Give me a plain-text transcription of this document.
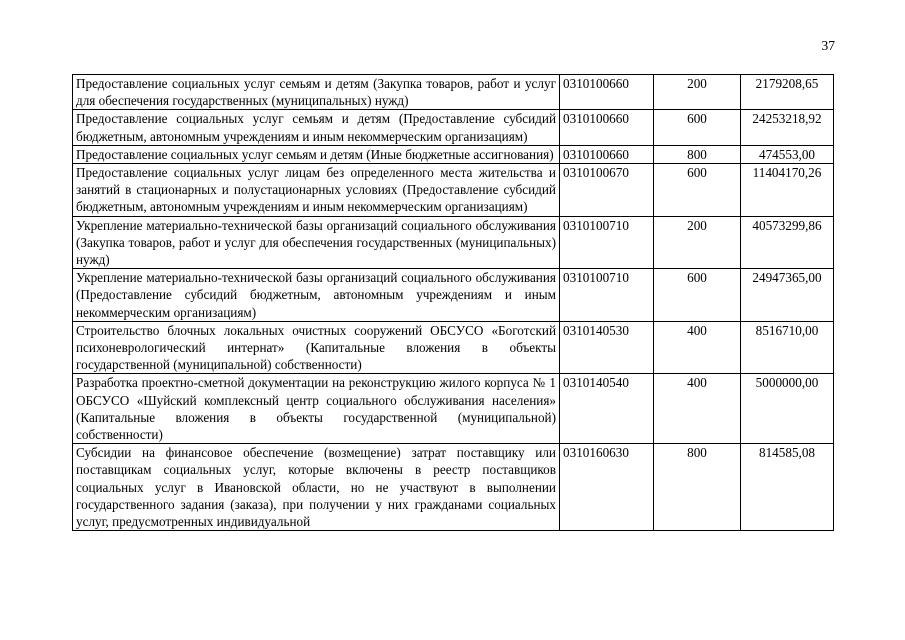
37
Предоставление социальных услуг семьям и детям (Закупка товаров, работ и услуг для обеспечения государственных (муниципальных) нужд)	0310100660	200	2179208,65
Предоставление социальных услуг семьям и детям (Предоставление субсидий бюджетным, автономным учреждениям и иным некоммерческим организациям)	0310100660	600	24253218,92
Предоставление социальных услуг семьям и детям (Иные бюджетные ассигнования)	0310100660	800	474553,00
Предоставление социальных услуг лицам без определенного места жительства и занятий в стационарных и полустационарных условиях (Предоставление субсидий бюджетным, автономным учреждениям и иным некоммерческим организациям)	0310100670	600	11404170,26
Укрепление материально-технической базы организаций социального обслуживания (Закупка товаров, работ и услуг для обеспечения государственных (муниципальных) нужд)	0310100710	200	40573299,86
Укрепление материально-технической базы организаций социального обслуживания (Предоставление субсидий бюджетным, автономным учреждениям и иным некоммерческим организациям)	0310100710	600	24947365,00
Строительство блочных локальных очистных сооружений ОБСУСО «Боготский психоневрологический интернат» (Капитальные вложения в объекты государственной (муниципальной) собственности)	0310140530	400	8516710,00
Разработка проектно-сметной документации на реконструкцию жилого корпуса № 1 ОБСУСО «Шуйский комплексный центр социального обслуживания населения» (Капитальные вложения в объекты государственной (муниципальной) собственности)	0310140540	400	5000000,00
Субсидии на финансовое обеспечение (возмещение) затрат поставщику или поставщикам социальных услуг, которые включены в реестр поставщиков социальных услуг в Ивановской области, но не участвуют в выполнении государственного задания (заказа), при получении у них гражданами социальных услуг, предусмотренных индивидуальной	0310160630	800	814585,08
